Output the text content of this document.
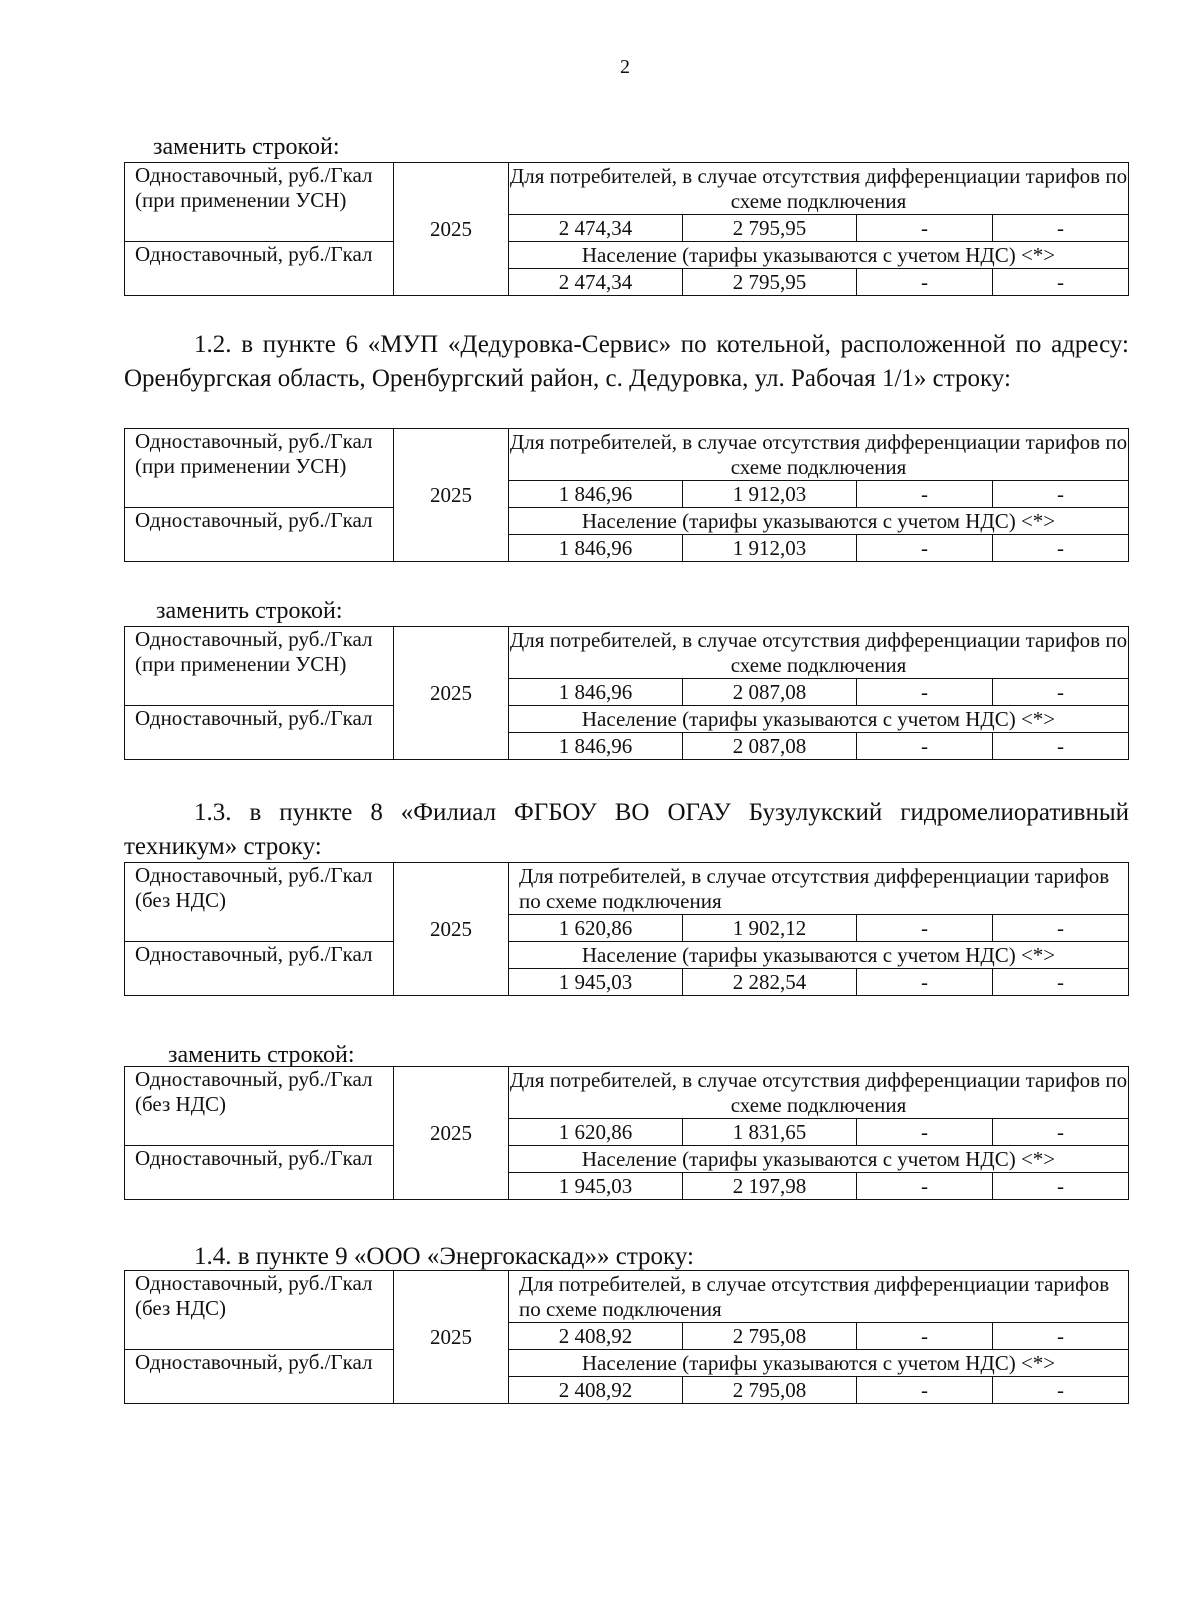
2
заменить строкой:
Одноставочный, руб./Гкал (при применении УСН)	2025	Для потребителей, в случае отсутствия дифференциации тарифов по схеме подключения			

		2 474,34	2 795,95	-	-
Одноставочный, руб./Гкал		Население (тарифы указываются с учетом НДС) <*>			
		2 474,34	2 795,95	-	-
1.2. в пункте 6 «МУП «Дедуровка-Сервис» по котельной, расположенной по адресу: Оренбургская область, Оренбургский район, с. Дедуровка, ул. Рабочая 1/1» строку:
Одноставочный, руб./Гкал (при применении УСН)	2025	Для потребителей, в случае отсутствия дифференциации тарифов по схеме подключения			

		1 846,96	1 912,03	-	-
Одноставочный, руб./Гкал		Население (тарифы указываются с учетом НДС) <*>			
		1 846,96	1 912,03	-	-
заменить строкой:
Одноставочный, руб./Гкал (при применении УСН)	2025	Для потребителей, в случае отсутствия дифференциации тарифов по схеме подключения			

		1 846,96	2 087,08	-	-
Одноставочный, руб./Гкал		Население (тарифы указываются с учетом НДС) <*>			
		1 846,96	2 087,08	-	-
1.3. в пункте 8 «Филиал ФГБОУ ВО ОГАУ Бузулукский гидромелиоративный техникум» строку:
Одноставочный, руб./Гкал (без НДС)	2025	Для потребителей, в случае отсутствия дифференциации тарифов по схеме подключения			

		1 620,86	1 902,12	-	-
Одноставочный, руб./Гкал		Население (тарифы указываются с учетом НДС) <*>			
		1 945,03	2 282,54	-	-
заменить строкой:
Одноставочный, руб./Гкал (без НДС)	2025	Для потребителей, в случае отсутствия дифференциации тарифов по схеме подключения			

		1 620,86	1 831,65	-	-
Одноставочный, руб./Гкал		Население (тарифы указываются с учетом НДС) <*>			
		1 945,03	2 197,98	-	-
1.4. в пункте 9 «ООО «Энергокаскад»» строку:
Одноставочный, руб./Гкал (без НДС)	2025	Для потребителей, в случае отсутствия дифференциации тарифов по схеме подключения			

		2 408,92	2 795,08	-	-
Одноставочный, руб./Гкал		Население (тарифы указываются с учетом НДС) <*>			
		2 408,92	2 795,08	-	-
